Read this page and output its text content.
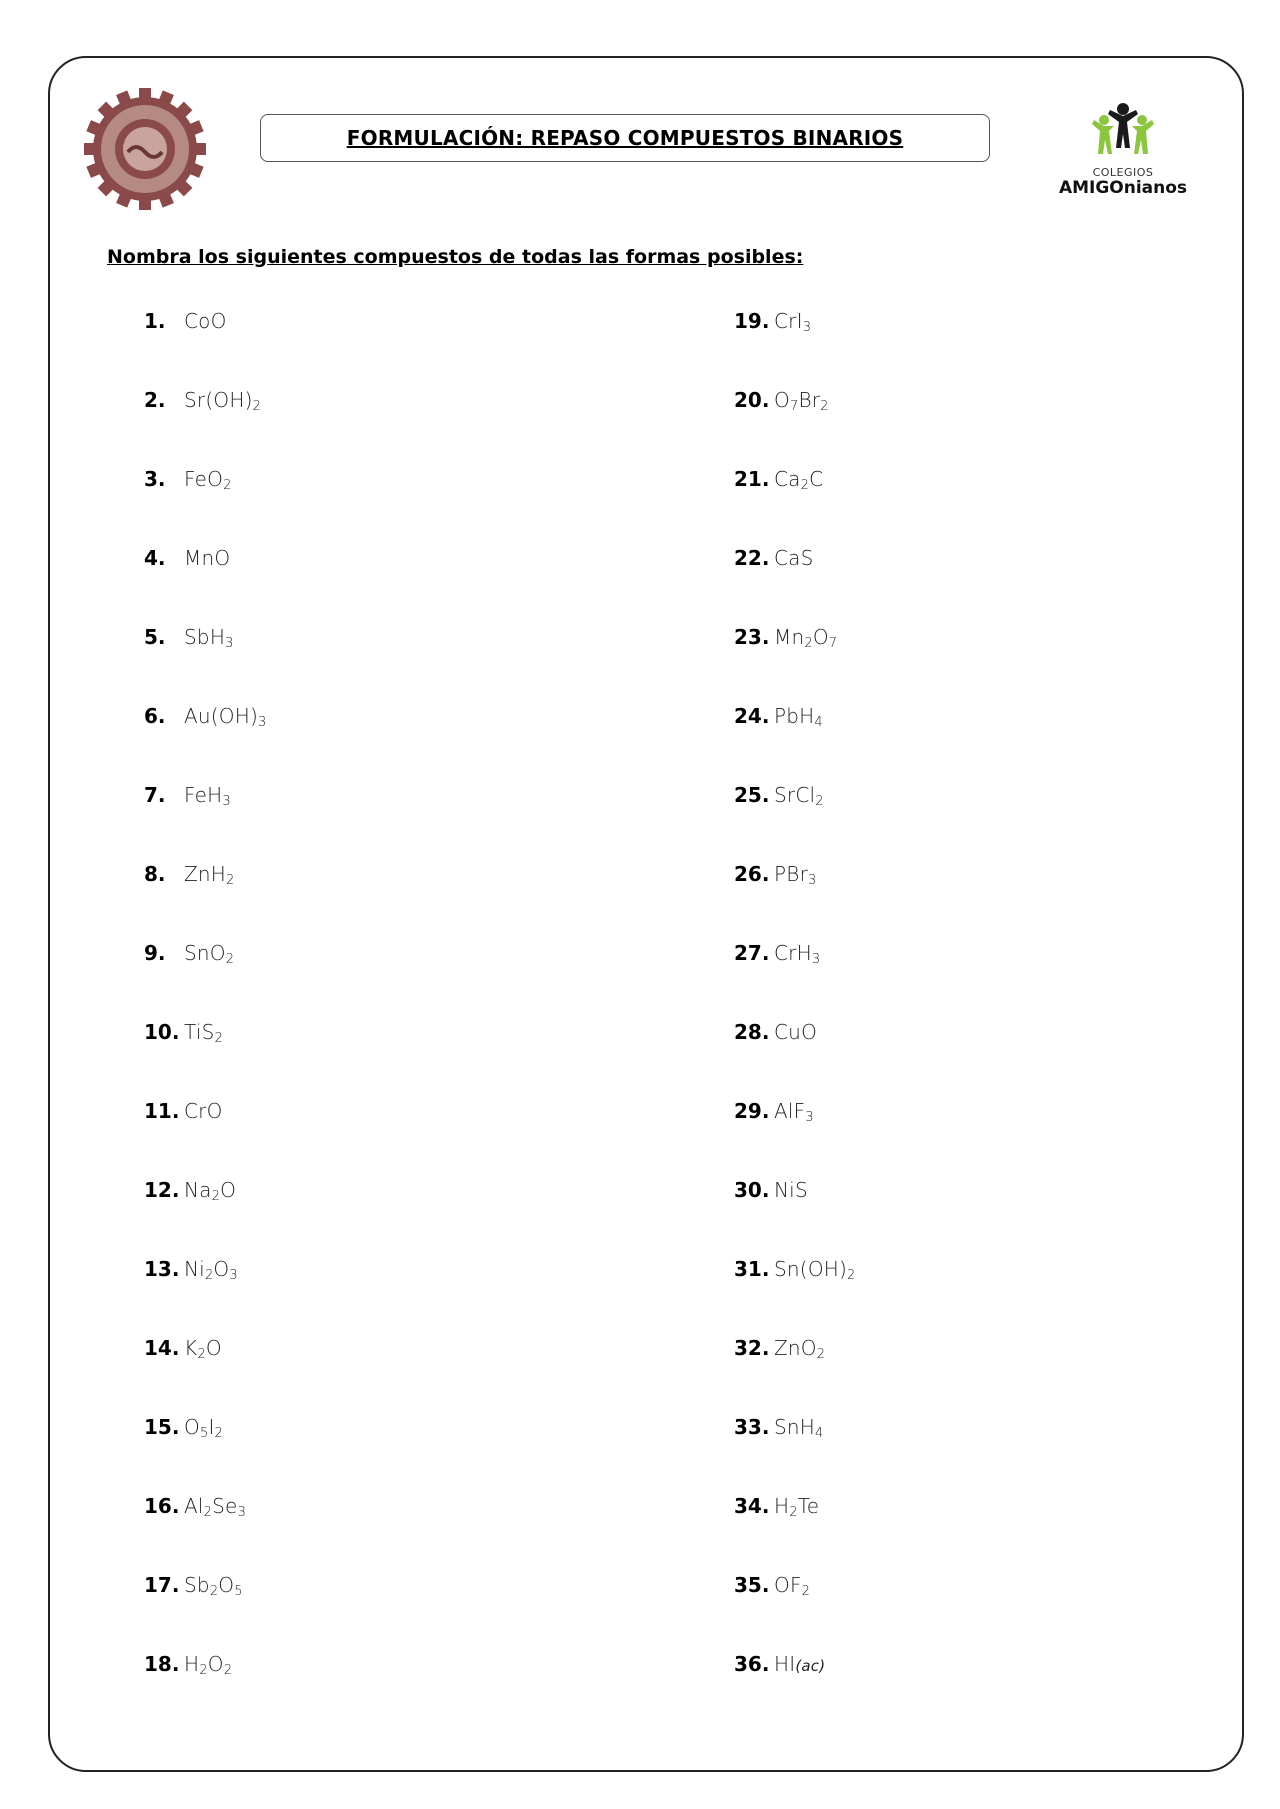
FORMULACIÓN: REPASO COMPUESTOS BINARIOS
COLEGIOS
AMIGOnianos
Nombra los siguientes compuestos de todas las formas posibles:
1. CoO
2. $Sr(OH)_2$
3. FeO$_2$
4. MnO
5. SbH$_3$
6. $Au(OH)_3$
7. FeH$_3$
8. ZnH$_2$
9. SnO$_2$
10. TiS$_2$
11. CrO
12. $Na_2O$
13. $Ni_2O_3$
14. $K_2O$
15. $O_5I_2$
16. $Al_2Se_3$
17. $Sb_2O_5$
18. $H_2O_2$
19. CrI$_3$
20. $O_7Br_2$
21. $Ca_2C$
22. CaS
23. $Mn_2O_7$
24. PbH$_4$
25. SrCl$_2$
26. PBr$_3$
27. CrH$_3$
28. CuO
29. AlF$_3$
30. NiS
31. $Sn(OH)_2$
32. ZnO$_2$
33. SnH$_4$
34. $H_2Te$
35. $OF_2$
36. HI(ac)
